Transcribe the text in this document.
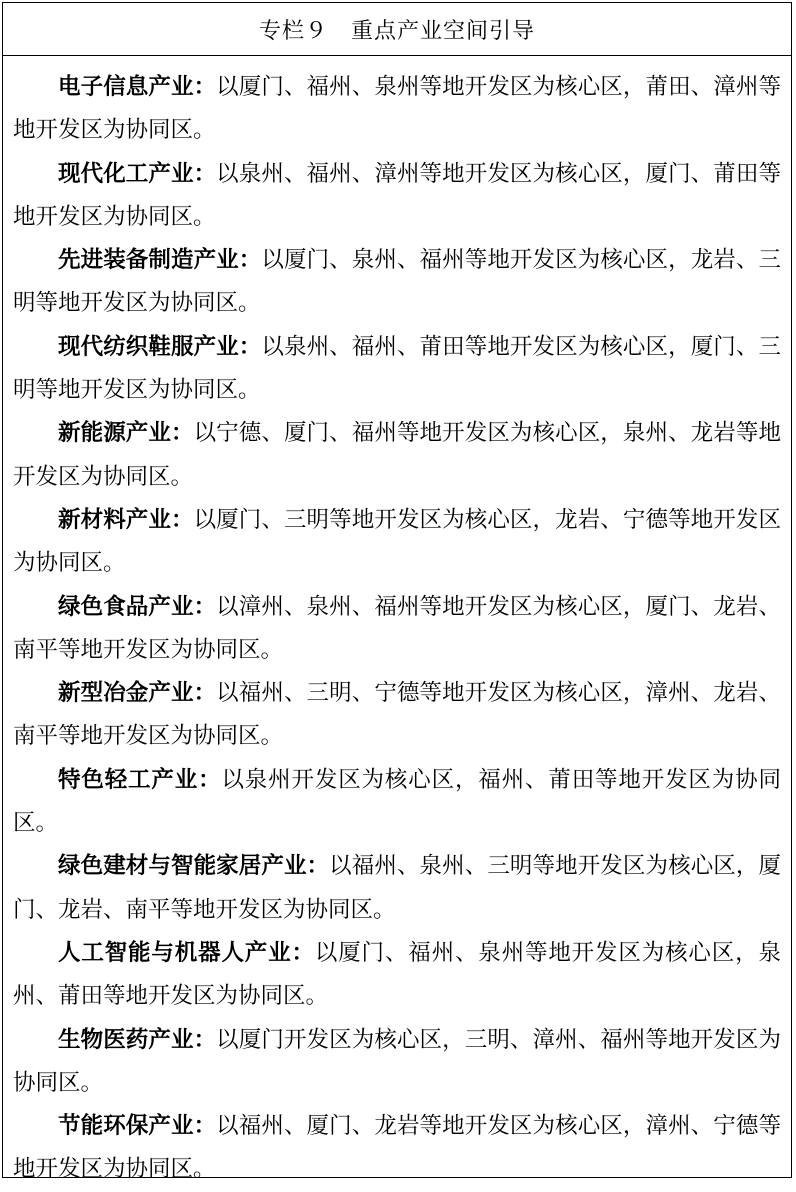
专栏９　重点产业空间引导

电子信息产业：以厦门、福州、泉州等地开发区为核心区，莆田、漳州等地开发区为协同区。

现代化工产业：以泉州、福州、漳州等地开发区为核心区，厦门、莆田等地开发区为协同区。

先进装备制造产业：以厦门、泉州、福州等地开发区为核心区，龙岩、三明等地开发区为协同区。

现代纺织鞋服产业：以泉州、福州、莆田等地开发区为核心区，厦门、三明等地开发区为协同区。

新能源产业：以宁德、厦门、福州等地开发区为核心区，泉州、龙岩等地开发区为协同区。

新材料产业：以厦门、三明等地开发区为核心区，龙岩、宁德等地开发区为协同区。

绿色食品产业：以漳州、泉州、福州等地开发区为核心区，厦门、龙岩、南平等地开发区为协同区。

新型冶金产业：以福州、三明、宁德等地开发区为核心区，漳州、龙岩、南平等地开发区为协同区。

特色轻工产业：以泉州开发区为核心区，福州、莆田等地开发区为协同区。

绿色建材与智能家居产业：以福州、泉州、三明等地开发区为核心区，厦门、龙岩、南平等地开发区为协同区。

人工智能与机器人产业：以厦门、福州、泉州等地开发区为核心区，泉州、莆田等地开发区为协同区。

生物医药产业：以厦门开发区为核心区，三明、漳州、福州等地开发区为协同区。

节能环保产业：以福州、厦门、龙岩等地开发区为核心区，漳州、宁德等地开发区为协同区。
